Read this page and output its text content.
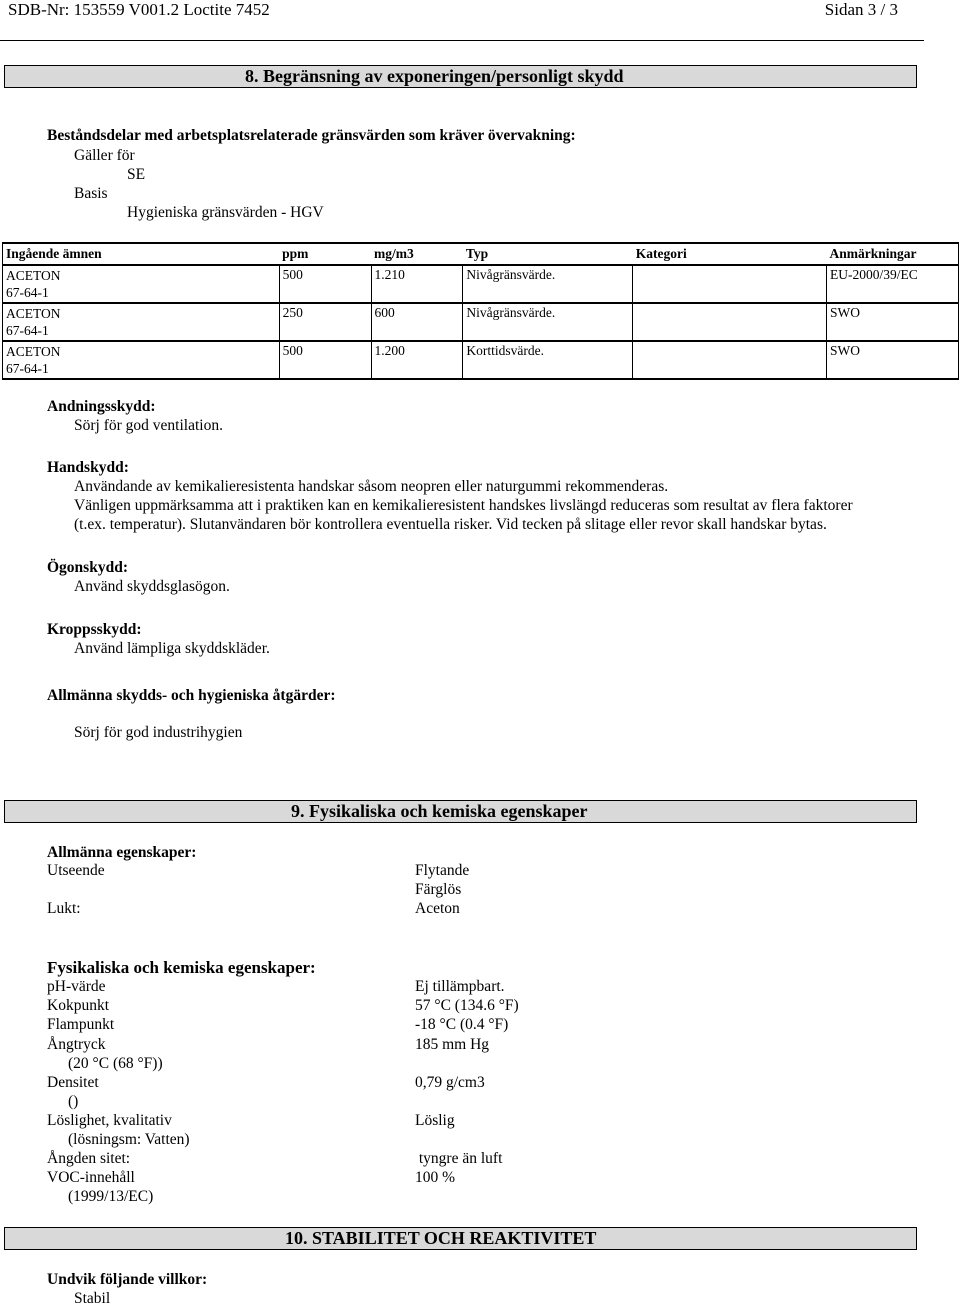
SDB-Nr: 153559 V001.2 Loctite 7452	Sidan 3 / 3
8. Begränsning av exponeringen/personligt skydd
Beståndsdelar med arbetsplatsrelaterade gränsvärden som kräver övervakning:
Gäller för
SE
Basis
Hygieniska gränsvärden - HGV
Ingående ämnen	ppm	mg/m3	Typ	Kategori	Anmärkningar

ACETON
67-64-1	500	1.210	Nivågränsvärde.		EU-2000/39/EC

ACETON
67-64-1	250	600	Nivågränsvärde.		SWO

ACETON
67-64-1	500	1.200	Korttidsvärde.		SWO
Andningsskydd:
Sörj för god ventilation.
Handskydd:
Användande av kemikalieresistenta handskar såsom neopren eller naturgummi rekommenderas.
Vänligen uppmärksamma att i praktiken kan en kemikalieresistent handskes livslängd reduceras som resultat av flera faktorer
(t.ex. temperatur). Slutanvändaren bör kontrollera eventuella risker. Vid tecken på slitage eller revor skall handskar bytas.
Ögonskydd:
Använd skyddsglasögon.
Kroppsskydd:
Använd lämpliga skyddskläder.
Allmänna skydds- och hygieniska åtgärder:
Sörj för god industrihygien
9. Fysikaliska och kemiska egenskaper
Allmänna egenskaper:
Utseende	Flytande
Färglös
Lukt:	Aceton
Fysikaliska och kemiska egenskaper:
pH-värde	Ej tillämpbart.
Kokpunkt	57 °C (134.6 °F)
Flampunkt	-18 °C (0.4 °F)
Ångtryck	185 mm Hg
(20 °C (68 °F))
Densitet	0,79 g/cm3
()
Löslighet, kvalitativ	Löslig
(lösningsm: Vatten)
Ångden sitet:	tyngre än luft
VOC-innehåll	100 %
(1999/13/EC)
10. STABILITET OCH REAKTIVITET
Undvik följande villkor:
Stabil
